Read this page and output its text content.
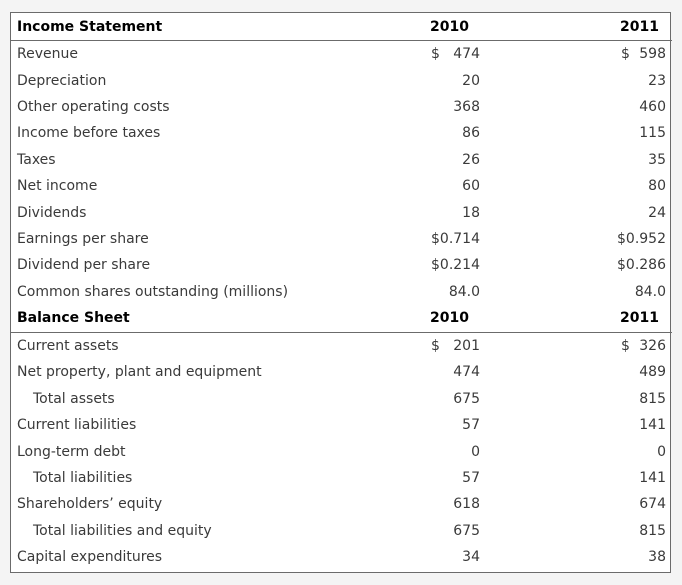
Income Statement	2010	2011
Revenue	$ 474	$ 598

Depreciation	20	23
Other operating costs	368	460
Income before taxes	86	115
Taxes	26	35
Net income	60	80
Dividends	18	24
Earnings per share	$0.714	$0.952
Dividend per share	$0.214	$0.286
Common shares outstanding (millions)	84.0	84.0
Balance Sheet	2010	2011
Current assets	$ 201	$ 326

Net property, plant and equipment	474	489
Total assets	675	815
Current liabilities	57	141
Long-term debt	0	0
Total liabilities	57	141
Shareholders’ equity	618	674
Total liabilities and equity	675	815
Capital expenditures	34	38
